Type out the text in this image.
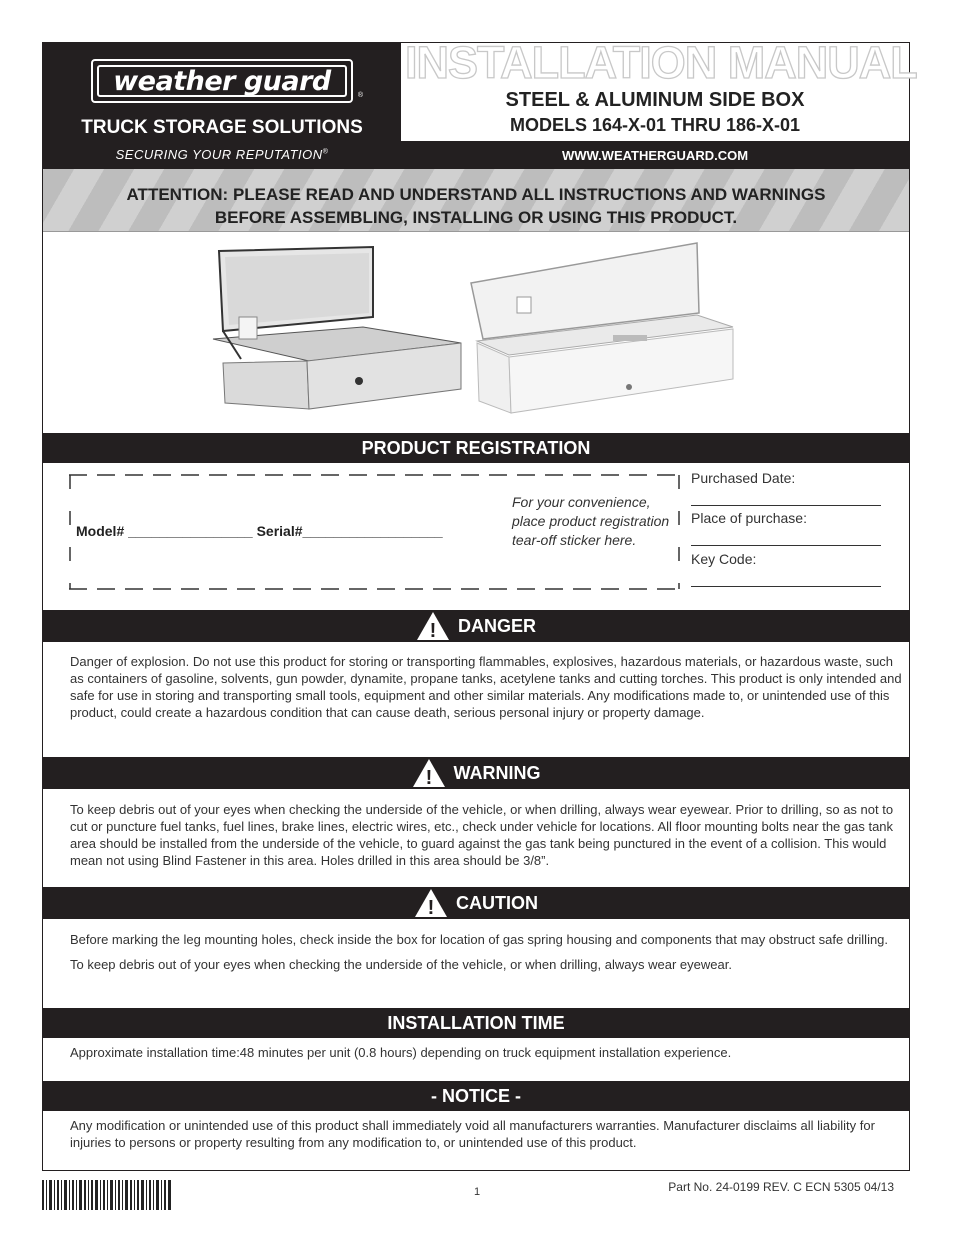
weather guard	®
TRUCK STORAGE SOLUTIONS
SECURING YOUR REPUTATION®
INSTALLATION MANUAL
STEEL & ALUMINUM SIDE BOX
MODELS 164-X-01 THRU 186-X-01
WWW.WEATHERGUARD.COM
ATTENTION: PLEASE READ AND UNDERSTAND ALL INSTRUCTIONS AND WARNINGS
BEFORE ASSEMBLING, INSTALLING OR USING THIS PRODUCT.
PRODUCT REGISTRATION
Model# ________________ Serial#__________________
For your convenience, place product registration tear-off sticker here.
Purchased Date:
Place of purchase:
Key Code:
! DANGER

Danger of explosion. Do not use this product for storing or transporting flammables, explosives, hazardous materials, or hazardous waste, such as containers of gasoline, solvents, gun powder, dynamite, propane tanks, acetylene tanks and cutting torches. This product is only intended and safe for use in storing and transporting small tools, equipment and other similar materials. Any modifications made to, or unintended use of this product, could create a hazardous condition that can cause death, serious personal injury or property damage.

! WARNING

To keep debris out of your eyes when checking the underside of the vehicle, or when drilling, always wear eyewear. Prior to drilling, so as not to cut or puncture fuel tanks, fuel lines, brake lines, electric wires, etc., check under vehicle for locations. All floor mounting bolts near the gas tank area should be installed from the underside of the vehicle, to guard against the gas tank being punctured in the event of a collision. This would mean not using Blind Fastener in this area. Holes drilled in this area should be 3/8”.

! CAUTION

Before marking the leg mounting holes, check inside the box for location of gas spring housing and components that may obstruct safe drilling.

To keep debris out of your eyes when checking the underside of the vehicle, or when drilling, always wear eyewear.

INSTALLATION TIME

Approximate installation time:48 minutes per unit (0.8 hours) depending on truck equipment installation experience.

- NOTICE -

Any modification or unintended use of this product shall immediately void all manufacturers warranties. Manufacturer disclaims all liability for injuries to persons or property resulting from any modification to, or unintended use of this product.

1	Part No. 24-0199 REV. C ECN 5305 04/13
